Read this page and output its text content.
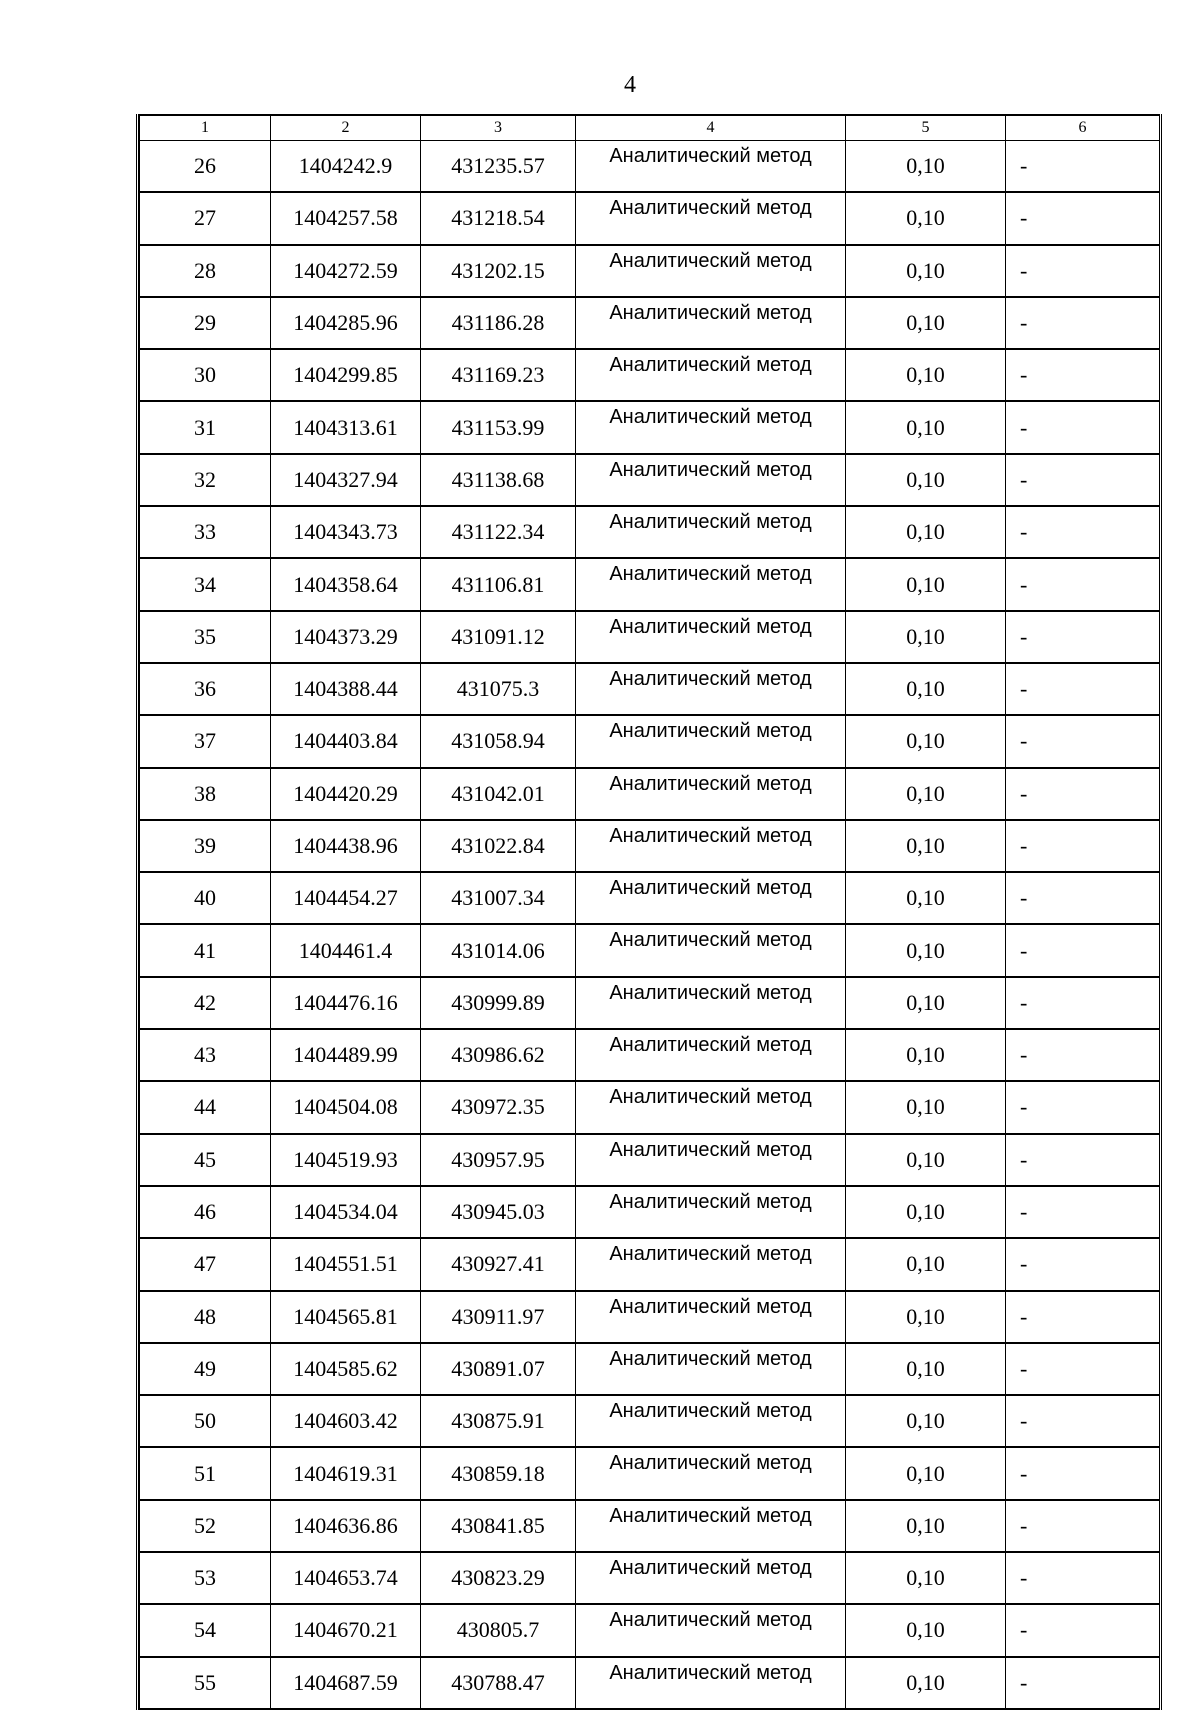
4
1	2	3	4	5	6
26	1404242.9	431235.57	Аналитический метод	0,10	-
27	1404257.58	431218.54	Аналитический метод	0,10	-
28	1404272.59	431202.15	Аналитический метод	0,10	-
29	1404285.96	431186.28	Аналитический метод	0,10	-
30	1404299.85	431169.23	Аналитический метод	0,10	-
31	1404313.61	431153.99	Аналитический метод	0,10	-
32	1404327.94	431138.68	Аналитический метод	0,10	-
33	1404343.73	431122.34	Аналитический метод	0,10	-
34	1404358.64	431106.81	Аналитический метод	0,10	-
35	1404373.29	431091.12	Аналитический метод	0,10	-
36	1404388.44	431075.3	Аналитический метод	0,10	-
37	1404403.84	431058.94	Аналитический метод	0,10	-
38	1404420.29	431042.01	Аналитический метод	0,10	-
39	1404438.96	431022.84	Аналитический метод	0,10	-
40	1404454.27	431007.34	Аналитический метод	0,10	-
41	1404461.4	431014.06	Аналитический метод	0,10	-
42	1404476.16	430999.89	Аналитический метод	0,10	-
43	1404489.99	430986.62	Аналитический метод	0,10	-
44	1404504.08	430972.35	Аналитический метод	0,10	-
45	1404519.93	430957.95	Аналитический метод	0,10	-
46	1404534.04	430945.03	Аналитический метод	0,10	-
47	1404551.51	430927.41	Аналитический метод	0,10	-
48	1404565.81	430911.97	Аналитический метод	0,10	-
49	1404585.62	430891.07	Аналитический метод	0,10	-
50	1404603.42	430875.91	Аналитический метод	0,10	-
51	1404619.31	430859.18	Аналитический метод	0,10	-
52	1404636.86	430841.85	Аналитический метод	0,10	-
53	1404653.74	430823.29	Аналитический метод	0,10	-
54	1404670.21	430805.7	Аналитический метод	0,10	-
55	1404687.59	430788.47	Аналитический метод	0,10	-
